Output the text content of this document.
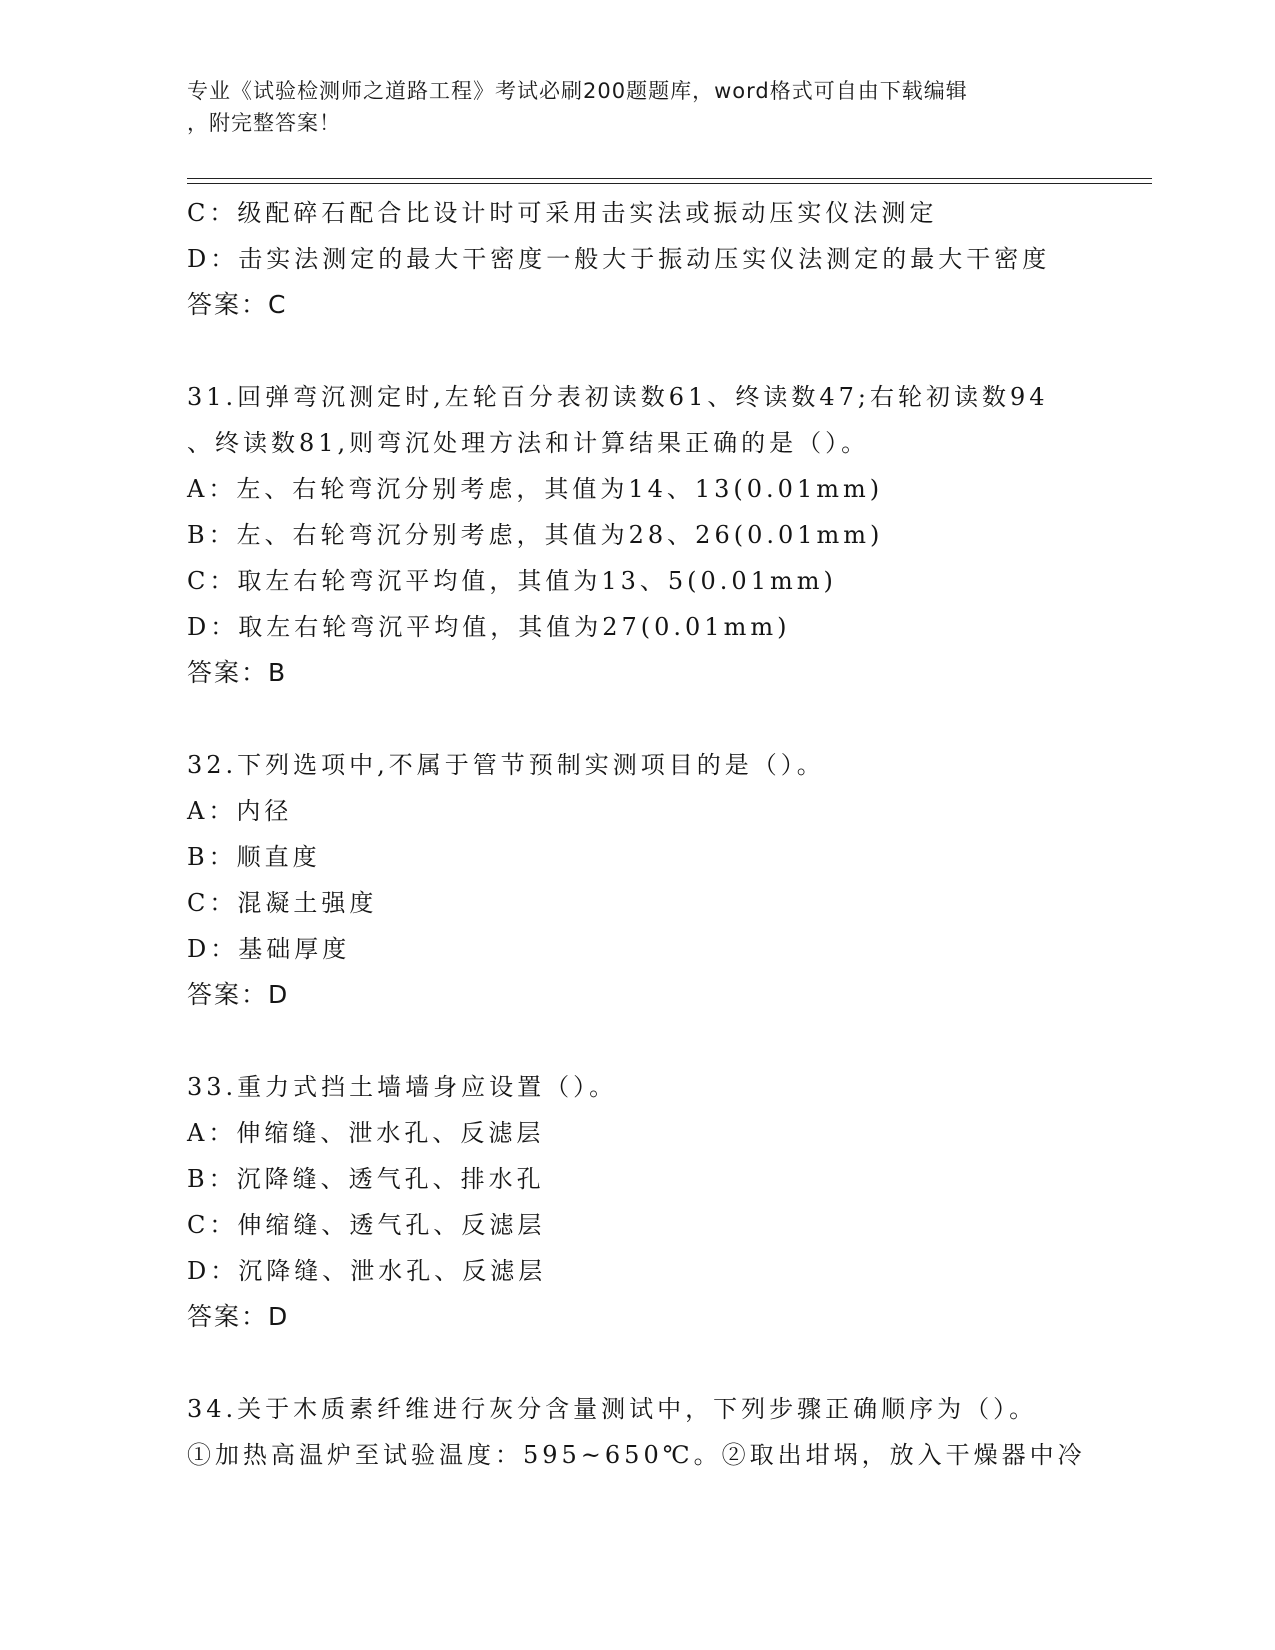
专业《试验检测师之道路工程》考试必刷200题题库，word格式可自由下载编辑
，附完整答案！
C：级配碎石配合比设计时可采用击实法或振动压实仪法测定
D：击实法测定的最大干密度一般大于振动压实仪法测定的最大干密度
答案：C
31.回弹弯沉测定时,左轮百分表初读数61、终读数47;右轮初读数94
、终读数81,则弯沉处理方法和计算结果正确的是（）。
A：左、右轮弯沉分别考虑，其值为14、13(0.01mm)
B：左、右轮弯沉分别考虑，其值为28、26(0.01mm)
C：取左右轮弯沉平均值，其值为13、5(0.01mm)
D：取左右轮弯沉平均值，其值为27(0.01mm)
答案：B
32.下列选项中,不属于管节预制实测项目的是（）。
A：内径
B：顺直度
C：混凝土强度
D：基础厚度
答案：D
33.重力式挡土墙墙身应设置（）。
A：伸缩缝、泄水孔、反滤层
B：沉降缝、透气孔、排水孔
C：伸缩缝、透气孔、反滤层
D：沉降缝、泄水孔、反滤层
答案：D
34.关于木质素纤维进行灰分含量测试中，下列步骤正确顺序为（）。
①加热高温炉至试验温度：595~650℃。②取出坩埚，放入干燥器中冷
